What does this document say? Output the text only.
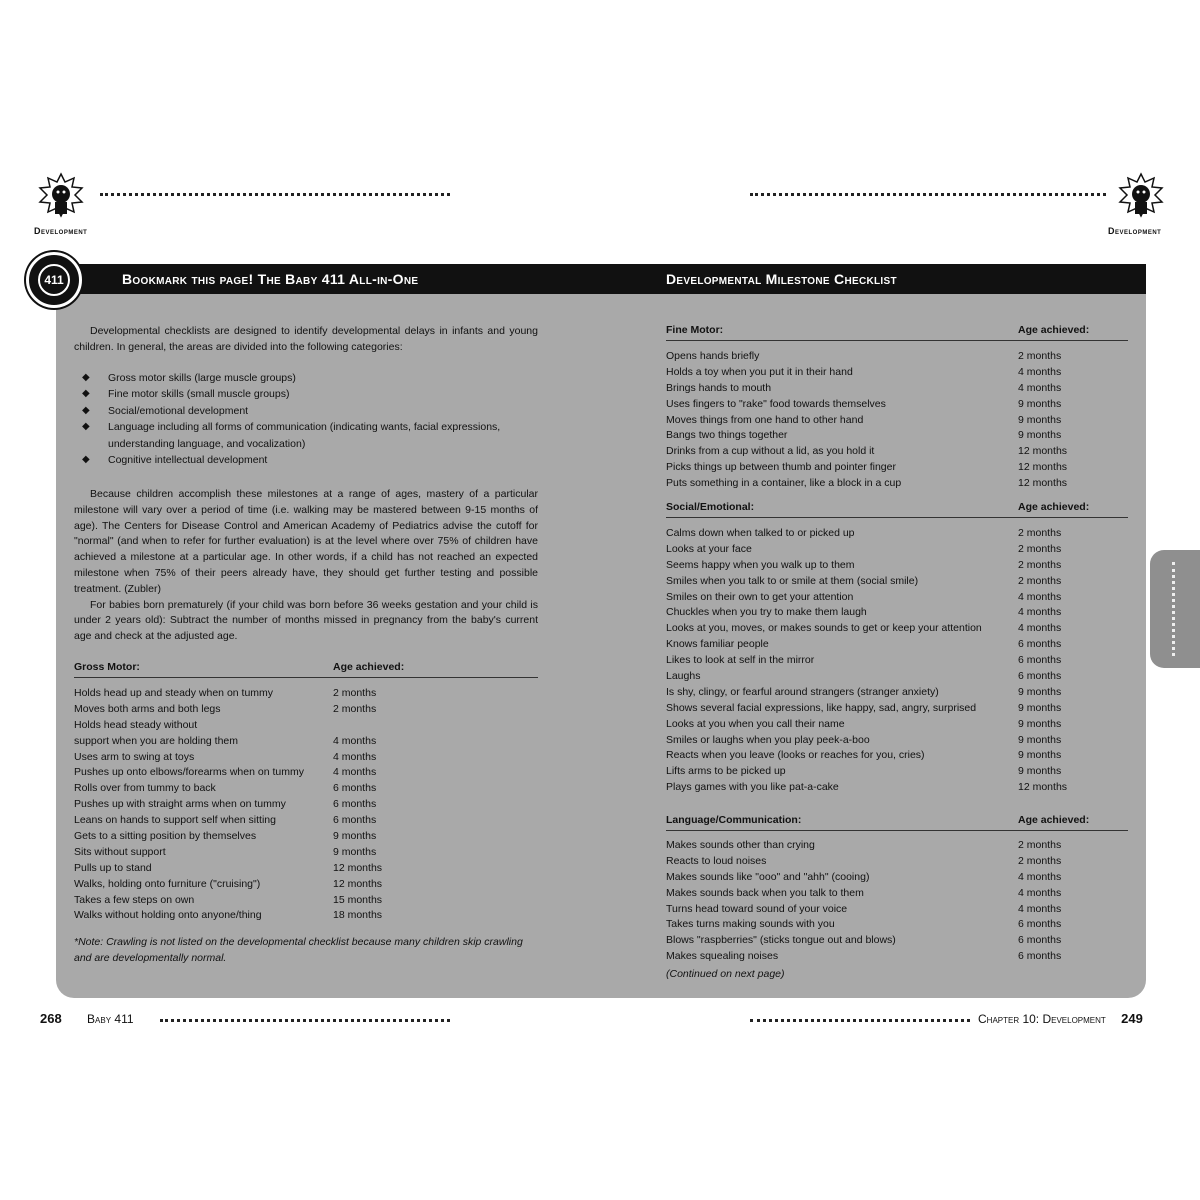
Development	Development
Bookmark this page! The Baby 411 All-in-One	Developmental Milestone Checklist
411

Developmental checklists are designed to identify developmental delays in infants and young children. In general, the areas are divided into the following categories:

◆ Gross motor skills (large muscle groups)
◆ Fine motor skills (small muscle groups)
◆ Social/emotional development
◆ Language including all forms of communication (indicating wants, facial expressions, understanding language, and vocalization)
◆ Cognitive intellectual development

Because children accomplish these milestones at a range of ages, mastery of a particular milestone will vary over a period of time (i.e. walking may be mastered between 9-15 months of age). The Centers for Disease Control and American Academy of Pediatrics advise the cutoff for "normal" (and when to refer for further evaluation) is at the level where over 75% of children have achieved a milestone at a particular age. In other words, if a child has not reached an expected milestone when 75% of their peers already have, they should get further testing and possible treatment. (Zubler)

For babies born prematurely (if your child was born before 36 weeks gestation and your child is under 2 years old): Subtract the number of months missed in pregnancy from the baby's current age and check at the adjusted age.

Gross Motor:	Age achieved:
Holds head up and steady when on tummy	2 months
Moves both arms and both legs	2 months
Holds head steady without
support when you are holding them	4 months
Uses arm to swing at toys	4 months
Pushes up onto elbows/forearms when on tummy	4 months
Rolls over from tummy to back	6 months
Pushes up with straight arms when on tummy	6 months
Leans on hands to support self when sitting	6 months
Gets to a sitting position by themselves	9 months
Sits without support	9 months
Pulls up to stand	12 months
Walks, holding onto furniture ("cruising")	12 months
Takes a few steps on own	15 months
Walks without holding onto anyone/thing	18 months
*Note: Crawling is not listed on the developmental checklist because many children skip crawling and are developmentally normal.
Fine Motor:	Age achieved:
Opens hands briefly	2 months
Holds a toy when you put it in their hand	4 months
Brings hands to mouth	4 months
Uses fingers to "rake" food towards themselves	9 months
Moves things from one hand to other hand	9 months
Bangs two things together	9 months
Drinks from a cup without a lid, as you hold it	12 months
Picks things up between thumb and pointer finger	12 months
Puts something in a container, like a block in a cup	12 months
Social/Emotional:	Age achieved:
Calms down when talked to or picked up	2 months
Looks at your face	2 months
Seems happy when you walk up to them	2 months
Smiles when you talk to or smile at them (social smile)	2 months
Smiles on their own to get your attention	4 months
Chuckles when you try to make them laugh	4 months
Looks at you, moves, or makes sounds to get or keep your attention	4 months
Knows familiar people	6 months
Likes to look at self in the mirror	6 months
Laughs	6 months
Is shy, clingy, or fearful around strangers (stranger anxiety)	9 months
Shows several facial expressions, like happy, sad, angry, surprised	9 months
Looks at you when you call their name	9 months
Smiles or laughs when you play peek-a-boo	9 months
Reacts when you leave (looks or reaches for you, cries)	9 months
Lifts arms to be picked up	9 months
Plays games with you like pat-a-cake	12 months
Language/Communication:	Age achieved:
Makes sounds other than crying	2 months
Reacts to loud noises	2 months
Makes sounds like "ooo" and "ahh" (cooing)	4 months
Makes sounds back when you talk to them	4 months
Turns head toward sound of your voice	4 months
Takes turns making sounds with you	6 months
Blows "raspberries" (sticks tongue out and blows)	6 months
Makes squealing noises	6 months
(Continued on next page)
268 Baby 411	Chapter 10: Development 249
